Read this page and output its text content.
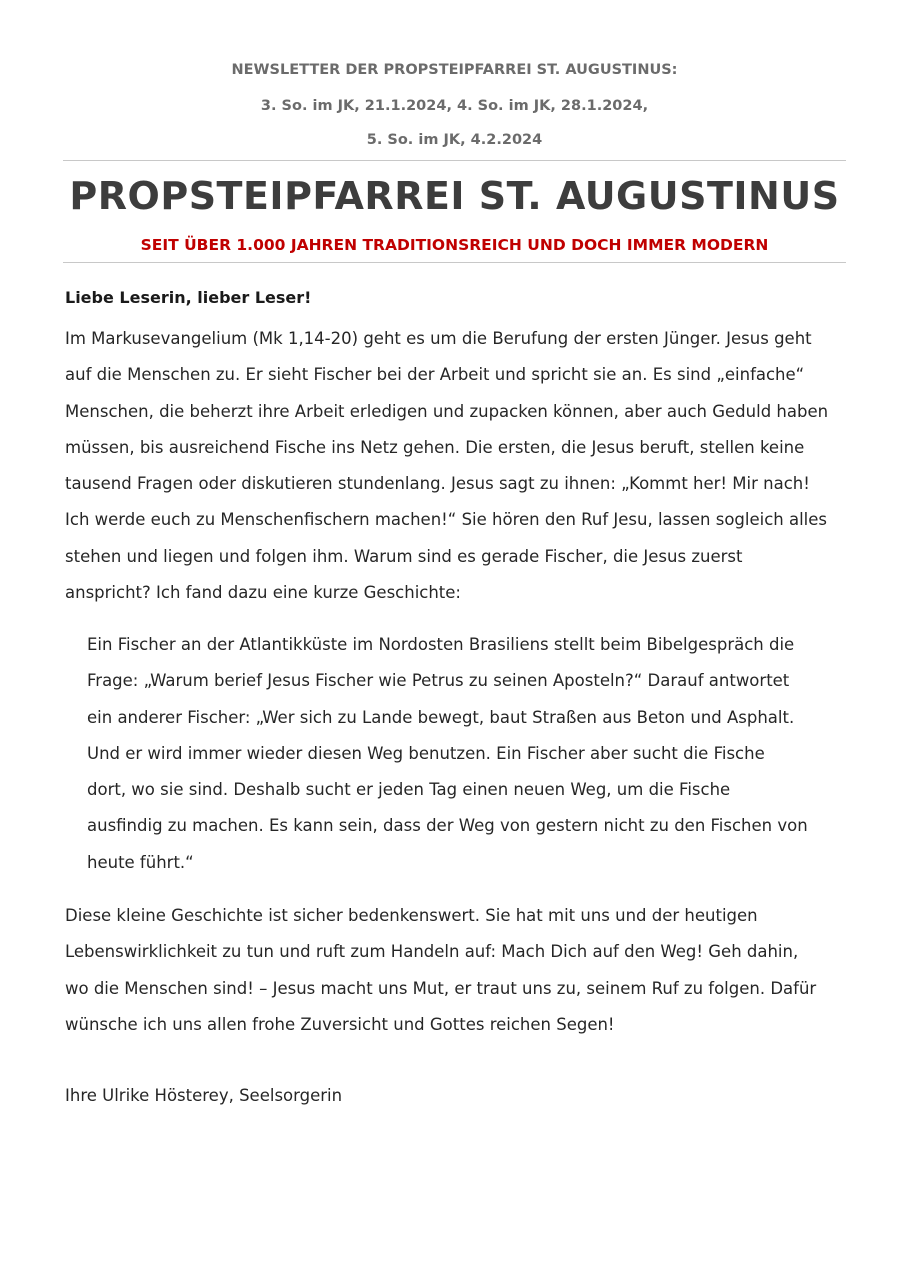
NEWSLETTER DER PROPSTEIPFARREI ST. AUGUSTINUS:
3. So. im JK, 21.1.2024, 4. So. im JK, 28.1.2024,
5. So. im JK, 4.2.2024
PROPSTEIPFARREI ST. AUGUSTINUS
SEIT ÜBER 1.000 JAHREN TRADITIONSREICH UND DOCH IMMER MODERN
Liebe Leserin, lieber Leser!
Im Markusevangelium (Mk 1,14-20) geht es um die Berufung der ersten Jünger. Jesus geht
auf die Menschen zu. Er sieht Fischer bei der Arbeit und spricht sie an. Es sind „einfache“
Menschen, die beherzt ihre Arbeit erledigen und zupacken können, aber auch Geduld haben
müssen, bis ausreichend Fische ins Netz gehen. Die ersten, die Jesus beruft, stellen keine
tausend Fragen oder diskutieren stundenlang. Jesus sagt zu ihnen: „Kommt her! Mir nach!
Ich werde euch zu Menschenfischern machen!“ Sie hören den Ruf Jesu, lassen sogleich alles
stehen und liegen und folgen ihm. Warum sind es gerade Fischer, die Jesus zuerst
anspricht? Ich fand dazu eine kurze Geschichte:
Ein Fischer an der Atlantikküste im Nordosten Brasiliens stellt beim Bibelgespräch die
Frage: „Warum berief Jesus Fischer wie Petrus zu seinen Aposteln?“ Darauf antwortet
ein anderer Fischer: „Wer sich zu Lande bewegt, baut Straßen aus Beton und Asphalt.
Und er wird immer wieder diesen Weg benutzen. Ein Fischer aber sucht die Fische
dort, wo sie sind. Deshalb sucht er jeden Tag einen neuen Weg, um die Fische
ausfindig zu machen. Es kann sein, dass der Weg von gestern nicht zu den Fischen von
heute führt.“
Diese kleine Geschichte ist sicher bedenkenswert. Sie hat mit uns und der heutigen
Lebenswirklichkeit zu tun und ruft zum Handeln auf: Mach Dich auf den Weg! Geh dahin,
wo die Menschen sind! – Jesus macht uns Mut, er traut uns zu, seinem Ruf zu folgen. Dafür
wünsche ich uns allen frohe Zuversicht und Gottes reichen Segen!
Ihre Ulrike Hösterey, Seelsorgerin
